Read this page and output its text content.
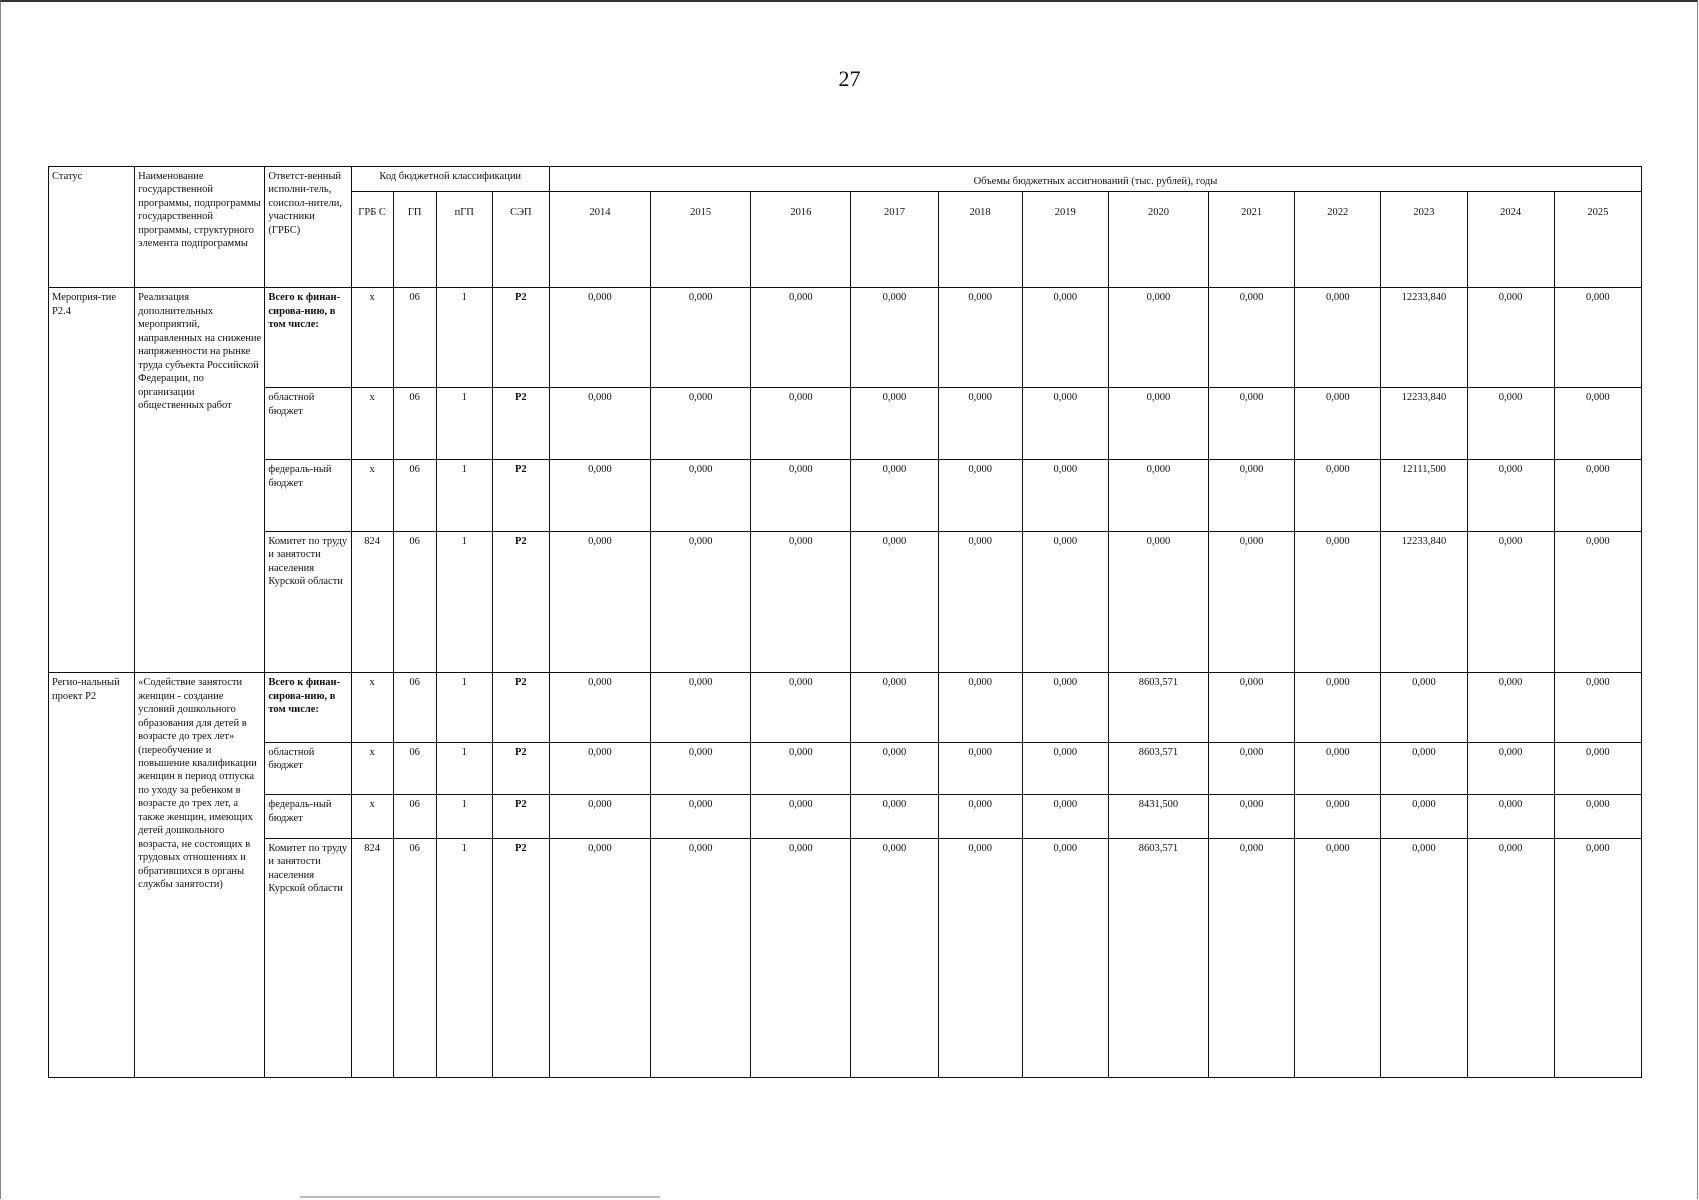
27
Статус	Наименование государственной программы, подпрограммы государственной программы, структурного элемента подпрограммы	Ответст-венный исполни-тель, соиспол-нители, участники (ГРБС)	Код бюджетной классификации				Объемы бюджетных ассигнований (тыс. рублей), годы											
			ГРБ С	ГП	пГП	СЭП	2014	2015	2016	2017	2018	2019	2020	2021	2022	2023	2024	2025
Мероприя-тие Р2.4	Реализация дополнительных мероприятий, направленных на снижение напряженности на рынке труда субъекта Российской Федерации, по организации общественных работ	Всего к финан-сирова-нию, в том числе:	х	06	1	Р2	0,000	0,000	0,000	0,000	0,000	0,000	0,000	0,000	0,000	12233,840	0,000	0,000
		областной бюджет	х	06	1	Р2	0,000	0,000	0,000	0,000	0,000	0,000	0,000	0,000	0,000	12233,840	0,000	0,000
		федераль-ный бюджет	х	06	1	Р2	0,000	0,000	0,000	0,000	0,000	0,000	0,000	0,000	0,000	12111,500	0,000	0,000
		Комитет по труду и занятости населения Курской области	824	06	1	Р2	0,000	0,000	0,000	0,000	0,000	0,000	0,000	0,000	0,000	12233,840	0,000	0,000
Регио-нальный проект Р2	«Содействие занятости женщин - создание условий дошкольного образования для детей в возрасте до трех лет» (переобучение и повышение квалификации женщин в период отпуска по уходу за ребенком в возрасте до трех лет, а также женщин, имеющих детей дошкольного возраста, не состоящих в трудовых отношениях и обратившихся в органы службы занятости)	Всего к финан-сирова-нию, в том числе:	х	06	1	Р2	0,000	0,000	0,000	0,000	0,000	0,000	8603,571	0,000	0,000	0,000	0,000	0,000
		областной бюджет	х	06	1	Р2	0,000	0,000	0,000	0,000	0,000	0,000	8603,571	0,000	0,000	0,000	0,000	0,000
		федераль-ный бюджет	х	06	1	Р2	0,000	0,000	0,000	0,000	0,000	0,000	8431,500	0,000	0,000	0,000	0,000	0,000
		Комитет по труду и занятости населения Курской области	824	06	1	Р2	0,000	0,000	0,000	0,000	0,000	0,000	8603,571	0,000	0,000	0,000	0,000	0,000
